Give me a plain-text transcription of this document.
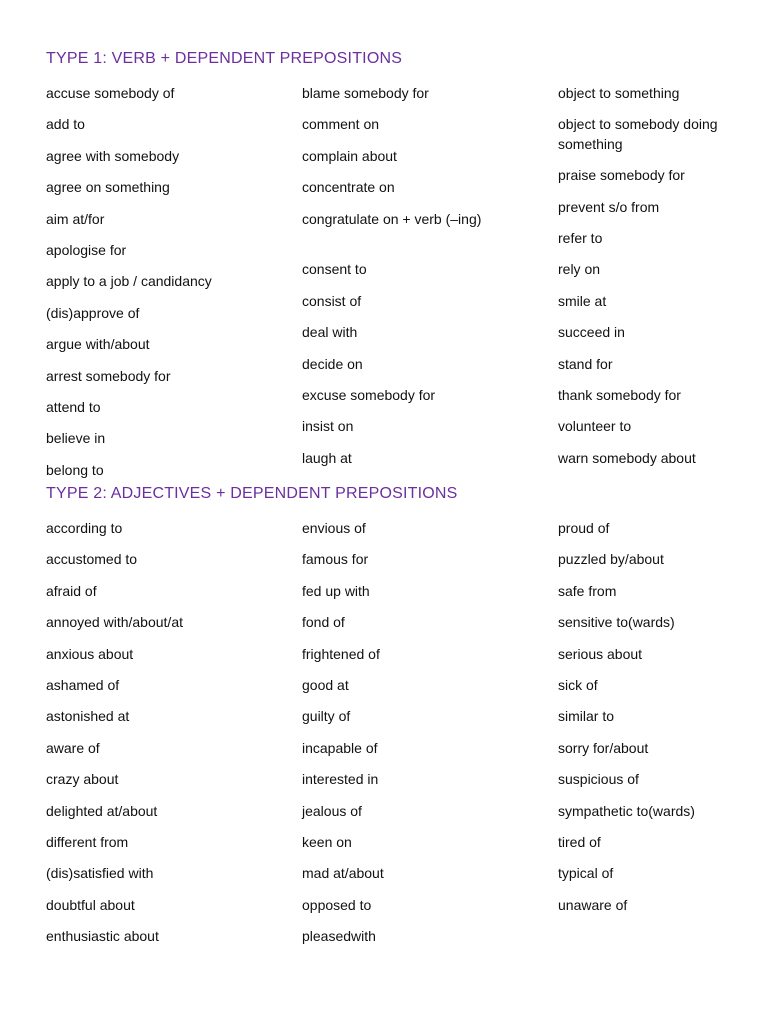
TYPE 1: VERB + DEPENDENT PREPOSITIONS
accuse somebody of
add to
agree with somebody
agree on something
aim at/for
apologise for
apply to a job / candidancy
(dis)approve of
argue with/about
arrest somebody for
attend to
believe in
belong to
blame somebody for
comment on
complain about
concentrate on
congratulate on + verb (–ing)
consent to
consist of
deal with
decide on
excuse somebody for
insist on
laugh at
object to something
object to somebody doing something
praise somebody for
prevent s/o from
refer to
rely on
smile at
succeed in
stand for
thank somebody for
volunteer to
warn somebody about
TYPE 2: ADJECTIVES + DEPENDENT PREPOSITIONS
according to
accustomed to
afraid of
annoyed with/about/at
anxious about
ashamed of
astonished at
aware of
crazy about
delighted at/about
different from
(dis)satisfied with
doubtful about
enthusiastic about
envious of
famous for
fed up with
fond of
frightened of
good at
guilty of
incapable of
interested in
jealous of
keen on
mad at/about
opposed to
pleasedwith
proud of
puzzled by/about
safe from
sensitive to(wards)
serious about
sick of
similar to
sorry for/about
suspicious of
sympathetic to(wards)
tired of
typical of
unaware of
